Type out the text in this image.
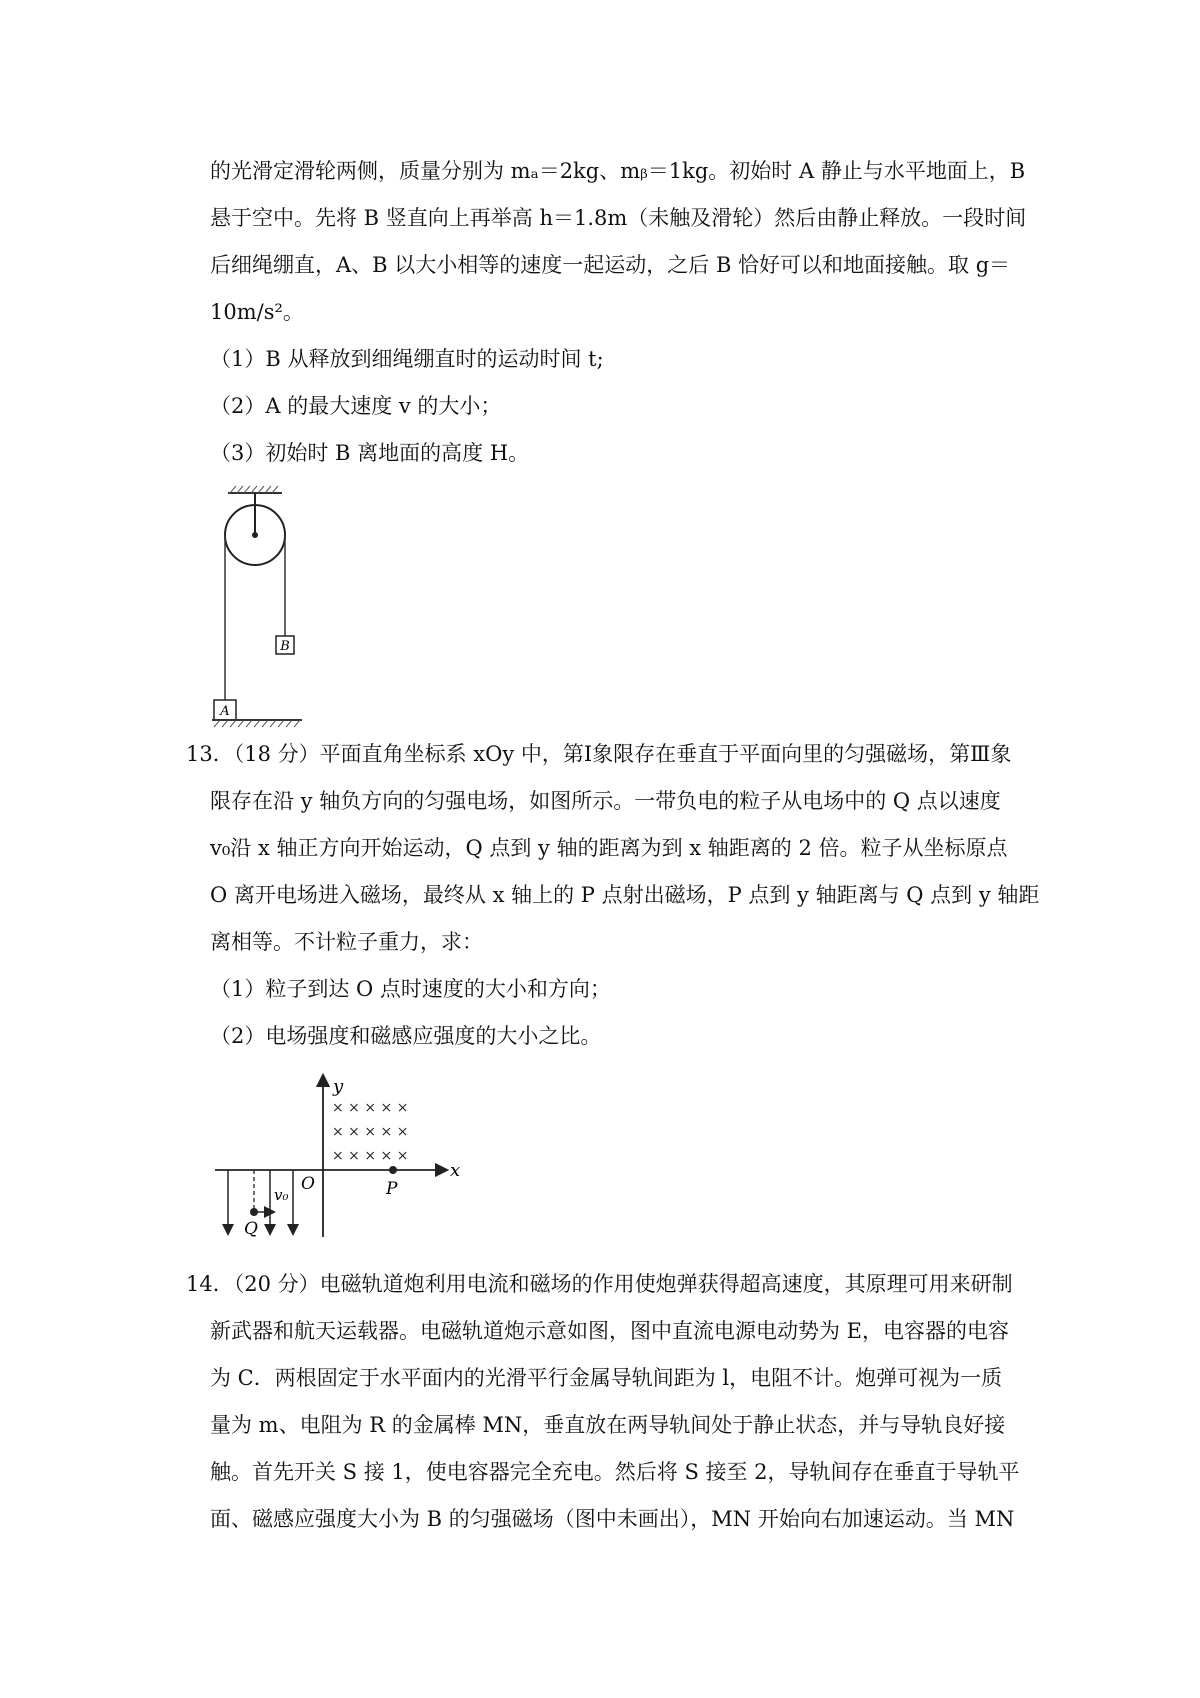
的光滑定滑轮两侧，质量分别为 mₐ＝2kg、mᵦ＝1kg。初始时 A 静止与水平地面上，B
悬于空中。先将 B 竖直向上再举高 h＝1.8m（未触及滑轮）然后由静止释放。一段时间
后细绳绷直，A、B 以大小相等的速度一起运动，之后 B 恰好可以和地面接触。取 g＝
10m/s²。
（1）B 从释放到细绳绷直时的运动时间 t;
（2）A 的最大速度 v 的大小；
（3）初始时 B 离地面的高度 H。
B
A
13．（18 分）平面直角坐标系 xOy 中，第Ⅰ象限存在垂直于平面向里的匀强磁场，第Ⅲ象
限存在沿 y 轴负方向的匀强电场，如图所示。一带负电的粒子从电场中的 Q 点以速度
v₀沿 x 轴正方向开始运动，Q 点到 y 轴的距离为到 x 轴距离的 2 倍。粒子从坐标原点
O 离开电场进入磁场，最终从 x 轴上的 P 点射出磁场，P 点到 y 轴距离与 Q 点到 y 轴距
离相等。不计粒子重力，求：
（1）粒子到达 O 点时速度的大小和方向；
（2）电场强度和磁感应强度的大小之比。
x
y
O
× × × × ×
× × × × ×
× × × × ×
P
Q
v₀
14．（20 分）电磁轨道炮利用电流和磁场的作用使炮弹获得超高速度，其原理可用来研制
新武器和航天运载器。电磁轨道炮示意如图，图中直流电源电动势为 E，电容器的电容
为 C．两根固定于水平面内的光滑平行金属导轨间距为 l，电阻不计。炮弹可视为一质
量为 m、电阻为 R 的金属棒 MN，垂直放在两导轨间处于静止状态，并与导轨良好接
触。首先开关 S 接 1，使电容器完全充电。然后将 S 接至 2，导轨间存在垂直于导轨平
面、磁感应强度大小为 B 的匀强磁场（图中未画出），MN 开始向右加速运动。当 MN
